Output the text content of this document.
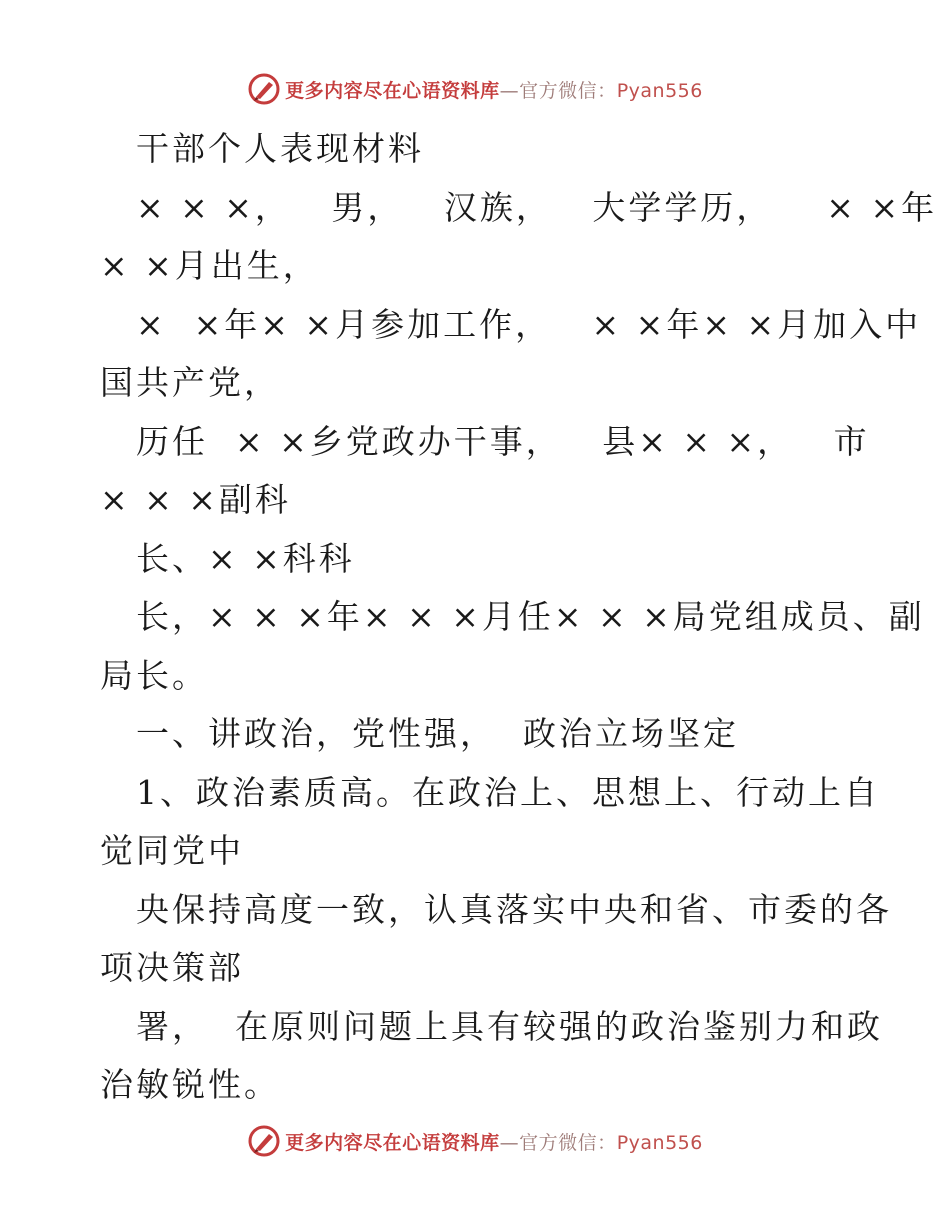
更多内容尽在心语资料库—官方微信：Pyan556
干部个人表现材料
× × ×，   男，   汉族，   大学学历，    × ×年
× ×月出生，
×  ×年× ×月参加工作，   × ×年× ×月加入中
国共产党，
历任  × ×乡党政办干事，   县× × ×，   市
× × ×副科
长、× ×科科
长，× × ×年× × ×月任× × ×局党组成员、副
局长。
一、讲政治，党性强，  政治立场坚定
1、政治素质高。在政治上、思想上、行动上自
觉同党中
央保持高度一致，认真落实中央和省、市委的各
项决策部
署，  在原则问题上具有较强的政治鉴别力和政
治敏锐性。
更多内容尽在心语资料库—官方微信：Pyan556
